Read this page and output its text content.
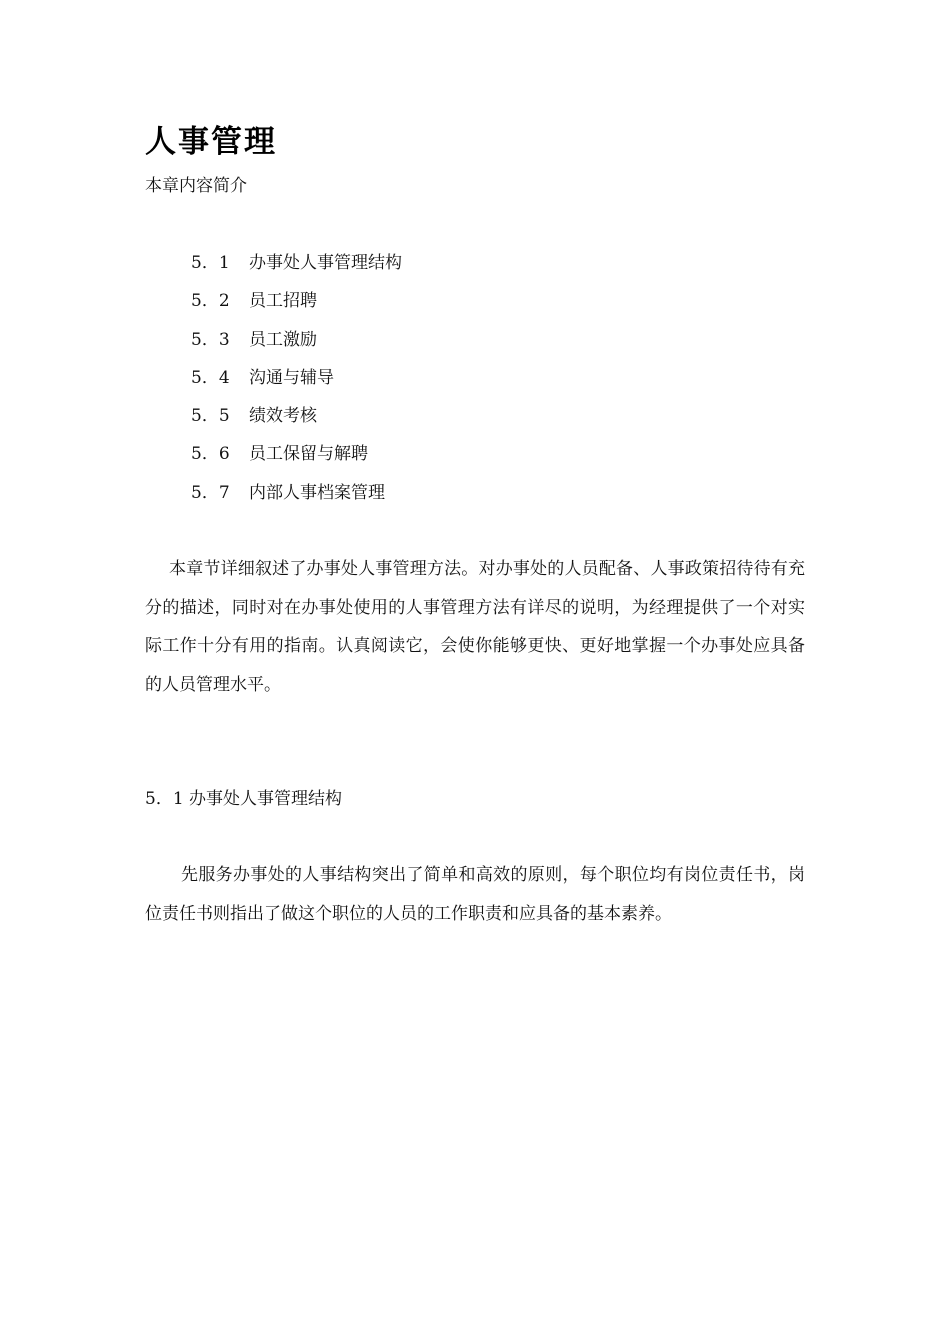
人事管理

本章内容简介

5．1 办事处人事管理结构
5．2 员工招聘
5．3 员工激励
5．4 沟通与辅导
5．5 绩效考核
5．6 员工保留与解聘
5．7 内部人事档案管理

本章节详细叙述了办事处人事管理方法。对办事处的人员配备、人事政策招待待有充分的描述，同时对在办事处使用的人事管理方法有详尽的说明，为经理提供了一个对实际工作十分有用的指南。认真阅读它，会使你能够更快、更好地掌握一个办事处应具备的人员管理水平。

5．1 办事处人事管理结构

先服务办事处的人事结构突出了简单和高效的原则，每个职位均有岗位责任书，岗位责任书则指出了做这个职位的人员的工作职责和应具备的基本素养。
